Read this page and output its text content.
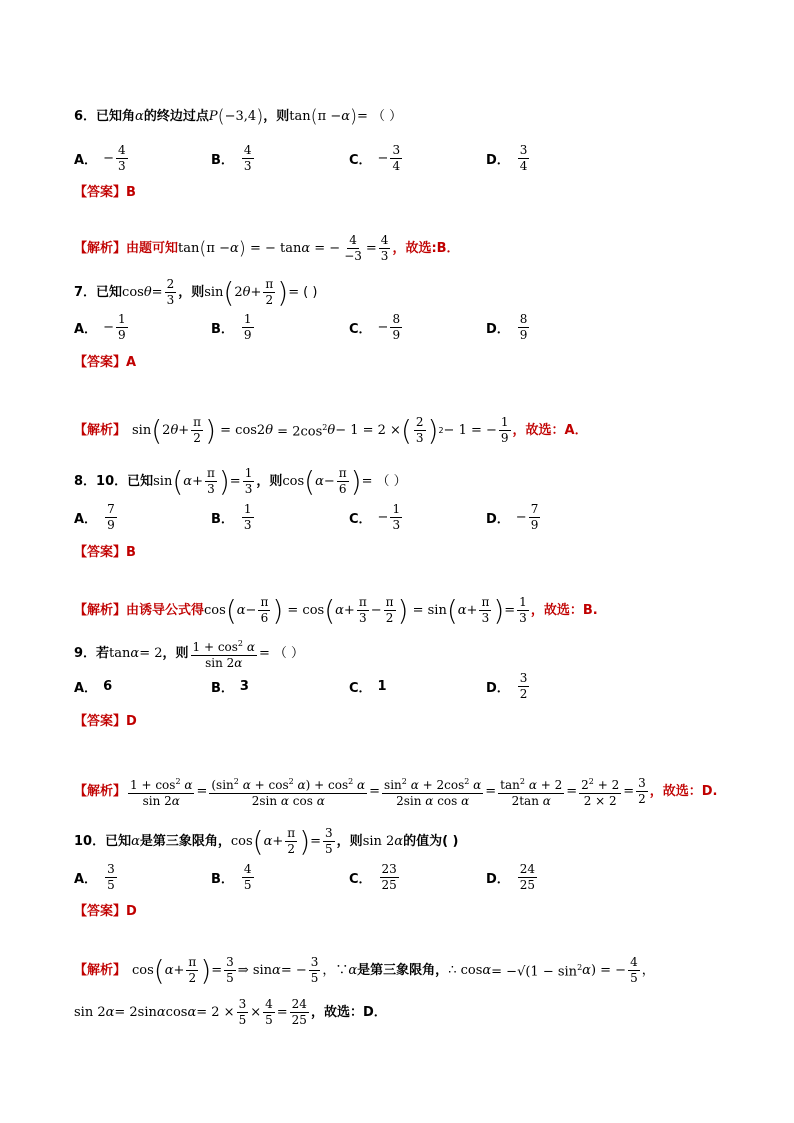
6．已知角 α 的终边过点 P ( −3,4 ) ，则 tan ( π − α ) = （ ）
A． − $\frac{4}{3}$	B． $\frac{4}{3}$	C． − $\frac{3}{4}$	D． $\frac{3}{4}$
【答案】 B
【解析】 由题可知 tan ( π − α ) = − tan α = − $\frac{4}{-3} = \frac{4}{3}$ ，故选:B．
7．已知 $\cos \theta = \frac{2}{3}$ ，则 sin ( 2 $\theta + \frac{\pi}{2}$ ) = ( )
A． − $\frac{1}{9}$	B． $\frac{1}{9}$	C． − $\frac{8}{9}$	D． $\frac{8}{9}$
【答案】 A
【解析】 sin ( 2 $\theta + \frac{\pi}{2}$ ) = cos2 $\theta = 2\cos^2$ θ − 1 = 2 × ( $\frac{2}{3}$ ) 2 − 1 = − $\frac{1}{9}$ ，故选：A．
8．10．已知 sin ( $\alpha + \frac{\pi}{3}$ ) = $\frac{1}{3}$ ，则 cos ( $\alpha - \frac{\pi}{6}$ ) = （ ）
A． $\frac{7}{9}$	B． $\frac{1}{3}$	C． − $\frac{1}{3}$	D． − $\frac{7}{9}$
【答案】 B
【解析】 由诱导公式得 cos ( $\alpha - \frac{\pi}{6}$ ) = cos ( $\alpha + \frac{\pi}{3} - \frac{\pi}{2}$ ) = sin ( $\alpha + \frac{\pi}{3}$ ) = $\frac{1}{3}$ ，故选：B.
9．若 tan α = 2 ，则 $\frac{1 + \cos^2 \alpha}{\sin 2\alpha}$ = （ ）
A． 6	B． 3	C． 1	D． $\frac{3}{2}$
【答案】 D
【解析】 $\frac{1 + \cos^2 \alpha}{\sin 2\alpha} = \frac{(\sin^2 \alpha + \cos^2 \alpha) + \cos^2 \alpha}{\text{2sin α cos α}} = \frac{\sin^2 \alpha + 2\cos^2 \alpha}{\text{2sin α cos α}} = \frac{\tan^2 \alpha + 2}{\text{2tan α}} = \frac{2^2 + 2}{2 \times 2} = \frac{3}{2}$ ，故选：D.
10．已知 α 是第三象限角， cos ( $\alpha + \frac{\pi}{2}$ ) = $\frac{3}{5}$ ，则 sin 2 α 的值为( )
A． $\frac{3}{5}$	B． $\frac{4}{5}$	C． $\frac{23}{25}$	D． $\frac{24}{25}$
【答案】 D
【解析】 cos ( $\alpha + \frac{\pi}{2}$ ) = $\frac{3}{5}$ ⇒ sin α = − $\frac{3}{5}$ ，∵ α 是第三象限角， ∴ $\cos \alpha = -√(1 - \sin^2 \alpha$ ) = − $\frac{4}{5}$ ，
sin 2 α = 2sin α $\cos \alpha = 2 \times \frac{3}{5} \times \frac{4}{5} = \frac{24}{25}$ ，故选：D．
